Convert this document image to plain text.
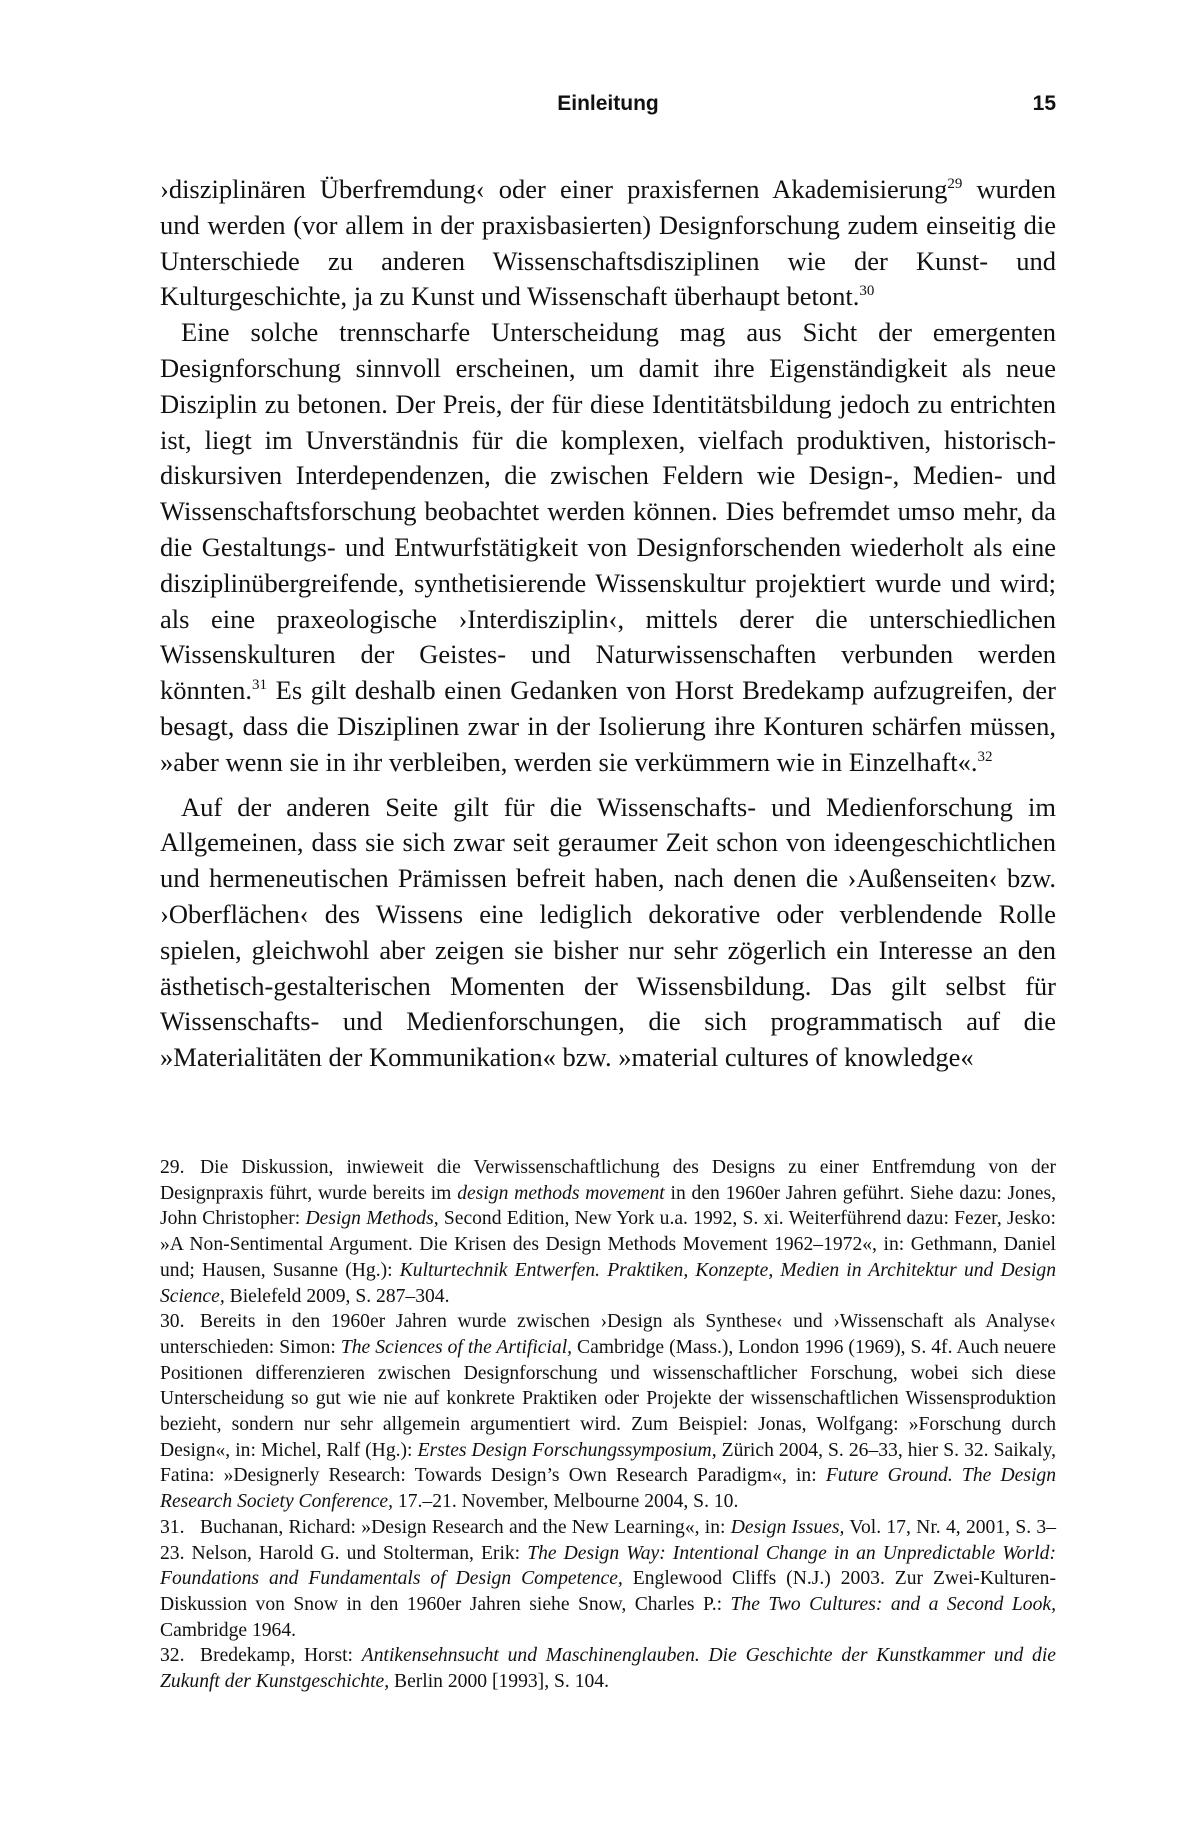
Einleitung	15

›disziplinären Überfremdung‹ oder einer praxisfernen Akademisierung$^{29}$ wurden und werden (vor allem in der praxisbasierten) Designforschung zudem einseitig die Unterschiede zu anderen Wissenschaftsdisziplinen wie der Kunst- und Kulturgeschichte, ja zu Kunst und Wissenschaft überhaupt betont.$^{30}$

Eine solche trennscharfe Unterscheidung mag aus Sicht der emergenten Designforschung sinnvoll erscheinen, um damit ihre Eigenständigkeit als neue Disziplin zu betonen. Der Preis, der für diese Identitätsbildung jedoch zu entrichten ist, liegt im Unverständnis für die komplexen, vielfach produktiven, historisch-diskursiven Interdependenzen, die zwischen Feldern wie Design-, Medien- und Wissenschaftsforschung beobachtet werden können. Dies befremdet umso mehr, da die Gestaltungs- und Entwurfstätigkeit von Designforschenden wiederholt als eine disziplinübergreifende, synthetisierende Wissenskultur projektiert wurde und wird; als eine praxeologische ›Interdisziplin‹, mittels derer die unterschiedlichen Wissenskulturen der Geistes- und Naturwissenschaften verbunden werden könnten.$^{31}$ Es gilt deshalb einen Gedanken von Horst Bredekamp aufzugreifen, der besagt, dass die Disziplinen zwar in der Isolierung ihre Konturen schärfen müssen, »aber wenn sie in ihr verbleiben, werden sie verkümmern wie in Einzelhaft«.$^{32}$

Auf der anderen Seite gilt für die Wissenschafts- und Medienforschung im Allgemeinen, dass sie sich zwar seit geraumer Zeit schon von ideengeschichtlichen und hermeneutischen Prämissen befreit haben, nach denen die ›Außenseiten‹ bzw. ›Oberflächen‹ des Wissens eine lediglich dekorative oder verblendende Rolle spielen, gleichwohl aber zeigen sie bisher nur sehr zögerlich ein Interesse an den ästhetisch-gestalterischen Momenten der Wissensbildung. Das gilt selbst für Wissenschafts- und Medienforschungen, die sich programmatisch auf die »Materialitäten der Kommunikation« bzw. »material cultures of knowledge«

29. Die Diskussion, inwieweit die Verwissenschaftlichung des Designs zu einer Entfremdung von der Designpraxis führt, wurde bereits im design methods movement in den 1960er Jahren geführt. Siehe dazu: Jones, John Christopher: Design Methods, Second Edition, New York u.a. 1992, S. xi. Weiterführend dazu: Fezer, Jesko: »A Non-Sentimental Argument. Die Krisen des Design Methods Movement 1962–1972«, in: Gethmann, Daniel und; Hausen, Susanne (Hg.): Kulturtechnik Entwerfen. Praktiken, Konzepte, Medien in Architektur und Design Science, Bielefeld 2009, S. 287–304.

30. Bereits in den 1960er Jahren wurde zwischen ›Design als Synthese‹ und ›Wissenschaft als Analyse‹ unterschieden: Simon: The Sciences of the Artificial, Cambridge (Mass.), London 1996 (1969), S. 4f. Auch neuere Positionen differenzieren zwischen Designforschung und wissenschaftlicher Forschung, wobei sich diese Unterscheidung so gut wie nie auf konkrete Praktiken oder Projekte der wissenschaftlichen Wissensproduktion bezieht, sondern nur sehr allgemein argumentiert wird. Zum Beispiel: Jonas, Wolfgang: »Forschung durch Design«, in: Michel, Ralf (Hg.): Erstes Design Forschungssymposium, Zürich 2004, S. 26–33, hier S. 32. Saikaly, Fatina: »Designerly Research: Towards Design’s Own Research Paradigm«, in: Future Ground. The Design Research Society Conference, 17.–21. November, Melbourne 2004, S. 10.

31. Buchanan, Richard: »Design Research and the New Learning«, in: Design Issues, Vol. 17, Nr. 4, 2001, S. 3–23. Nelson, Harold G. und Stolterman, Erik: The Design Way: Intentional Change in an Unpredictable World: Foundations and Fundamentals of Design Competence, Englewood Cliffs (N.J.) 2003. Zur Zwei-Kulturen-Diskussion von Snow in den 1960er Jahren siehe Snow, Charles P.: The Two Cultures: and a Second Look, Cambridge 1964.

32. Bredekamp, Horst: Antikensehnsucht und Maschinenglauben. Die Geschichte der Kunstkammer und die Zukunft der Kunstgeschichte, Berlin 2000 [1993], S. 104.
